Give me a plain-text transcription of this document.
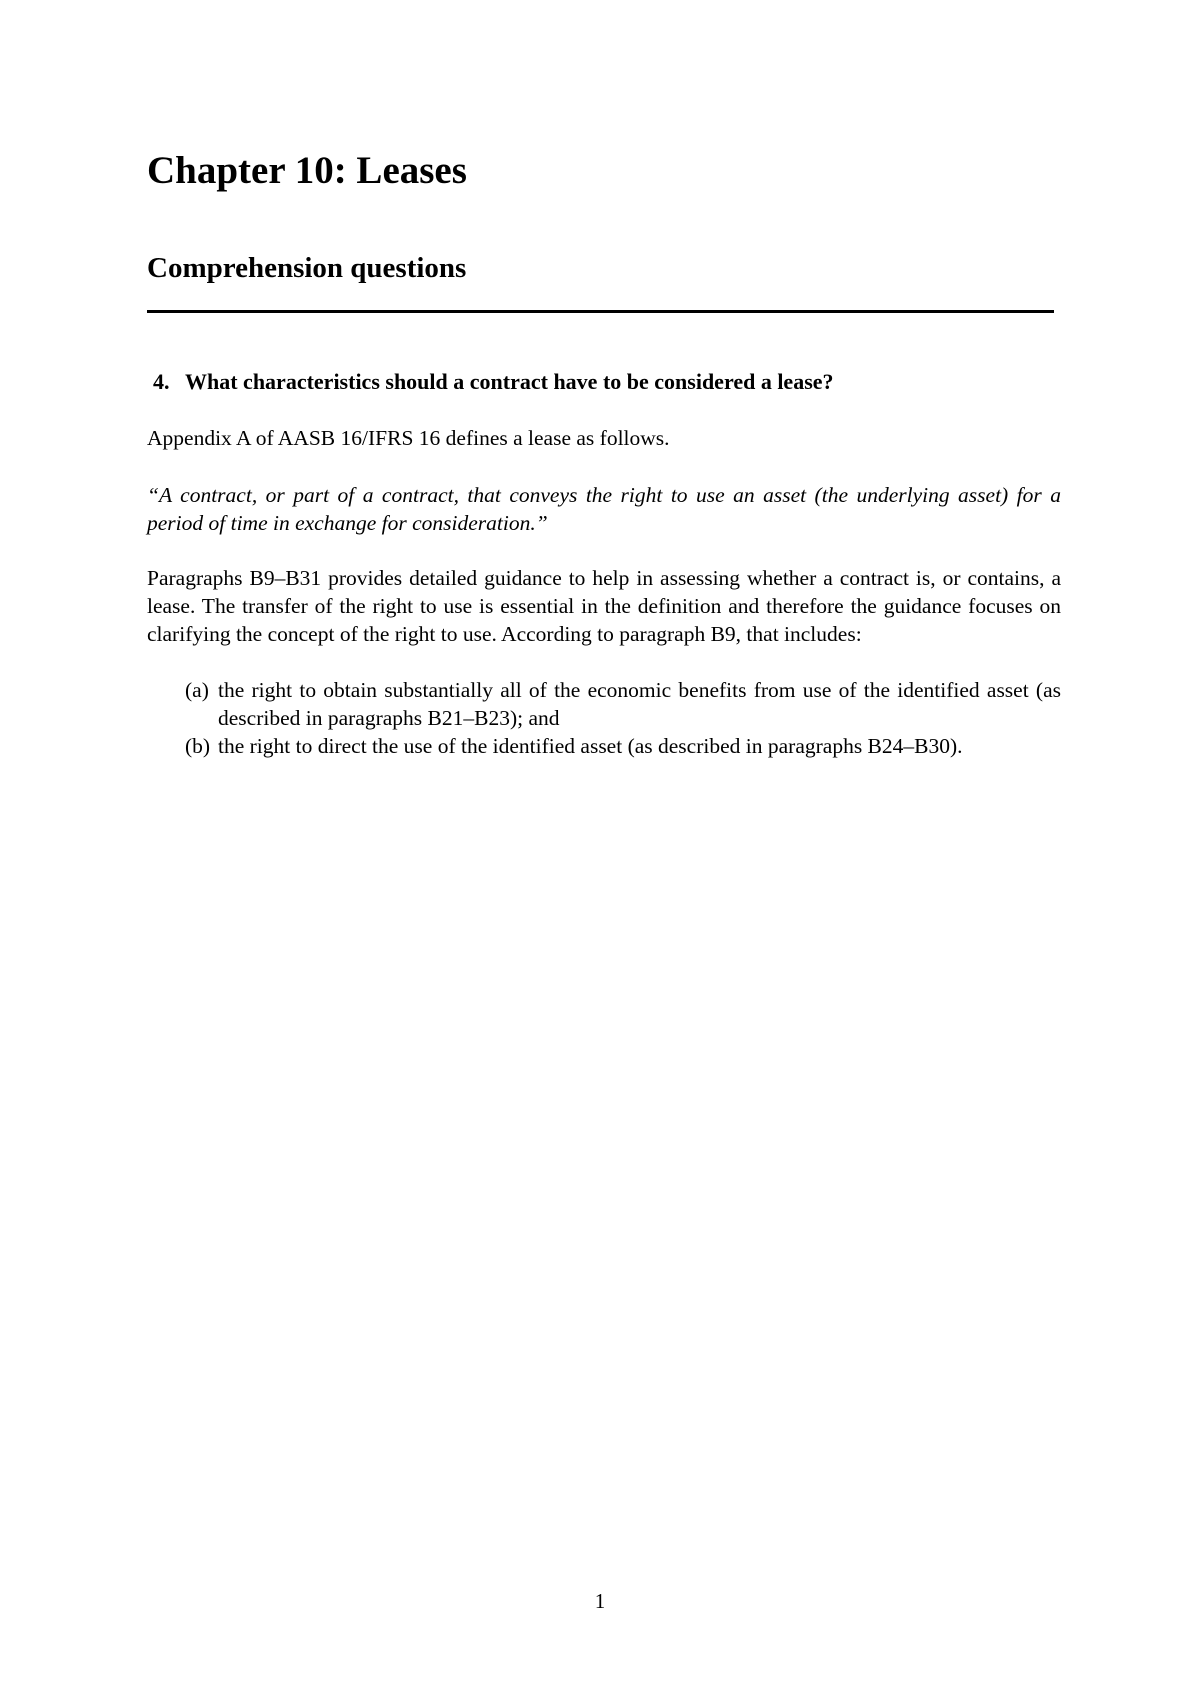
Chapter 10: Leases
Comprehension questions

4. What characteristics should a contract have to be considered a lease?

Appendix A of AASB 16/IFRS 16 defines a lease as follows.

“A contract, or part of a contract, that conveys the right to use an asset (the underlying asset) for a period of time in exchange for consideration.”

Paragraphs B9–B31 provides detailed guidance to help in assessing whether a contract is, or contains, a lease. The transfer of the right to use is essential in the definition and therefore the guidance focuses on clarifying the concept of the right to use. According to paragraph B9, that includes:

(a) the right to obtain substantially all of the economic benefits from use of the identified asset (as described in paragraphs B21–B23); and
(b) the right to direct the use of the identified asset (as described in paragraphs B24–B30).
1
